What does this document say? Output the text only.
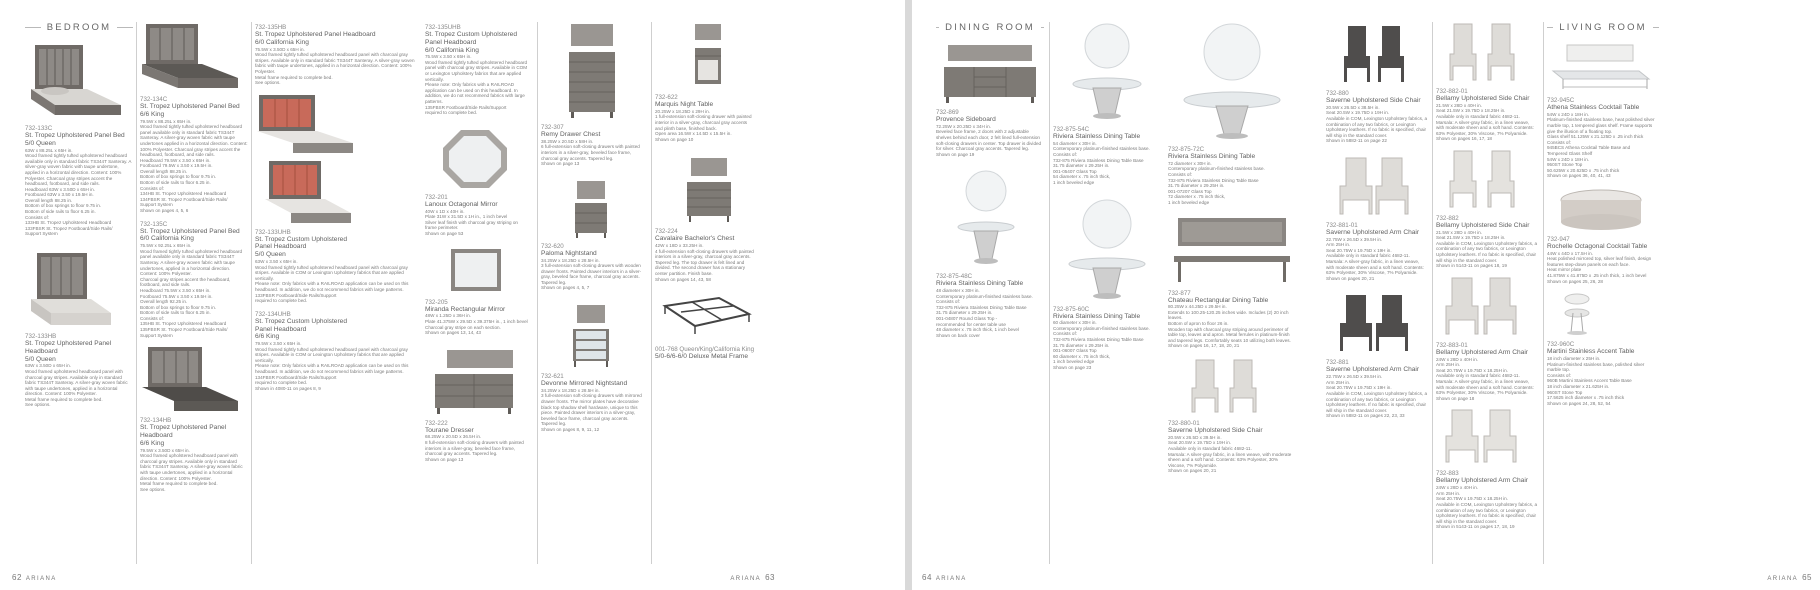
BEDROOM
732-133C
St. Tropez Upholstered Panel Bed
5/0 Queen
63W x 88.25L x 65H in.
Wood framed tightly tufted upholstered headboard available only in standard fabric TS344T Santeray. A silver-gray woven fabric with taupe undertone, applied in a horizontal direction. Content: 100% Polyester. Charcoal gray stripes accent the headboard, footboard, and side rails.
Headboard 63W x 3.50D x 65H in.
Footboard 63W x 3.50 x 19.5H in.
Overall length 88.25 in.
Bottom of box springs to floor 9.75 in.
Bottom of side rails to floor 6.25 in.
Consists of:
133HB St. Tropez Upholstered Headboard
133FBSR St. Tropez Footboard/Side Rails/
Support System
732-133HB
St. Tropez Upholstered Panel Headboard
5/0 Queen
63W x 3.50D x 65H in.
Wood framed upholstered headboard panel with charcoal gray stripes. Available only in standard fabric TS344T Santeray. A silver-gray woven fabric with taupe undertones, applied in a horizontal direction. Content: 100% Polyester.
Metal frame required to complete bed.
See options.
732-134C
St. Tropez Upholstered Panel Bed
6/6 King
79.5W x 88.25L x 65H in.
Wood framed tightly tufted upholstered headboard panel available only in standard fabric TS344T Santeray. A silver-gray woven fabric with taupe undertones applied in a horizontal direction. Content: 100% Polyester. Charcoal gray stripes accent the headboard, footboard, and side rails.
Headboard 79.5W x 3.50 x 65H in.
Footboard 79.5W x 3.50 x 19.5H in.
Overall length 88.25 in.
Bottom of box springs to floor 9.75 in.
Bottom of side rails to floor 6.25 in.
Consists of:
134HB St. Tropez Upholstered Headboard
134FBSR St. Tropez Footboard/Side Rails/
Support System
Shown on pages 4, 5, 6
732-135C
St. Tropez Upholstered Panel Bed
6/0 California King
75.5W x 92.25L x 65H in.
Wood framed tightly tufted upholstered headboard panel available only in standard fabric TS344T Santeray. A silver-gray woven fabric with taupe undertones, applied in a horizontal direction. Content: 100% Polyester.
Charcoal gray stripes accent the headboard, footboard, and side rails.
Headboard 75.5W x 3.50 x 65H in.
Footboard 75.5W x 3.50 x 19.5H in.
Overall length 92.25 in.
Bottom of box springs to floor 9.75 in.
Bottom of side rails to floor 6.25 in.
Consists of:
135HB St. Tropez Upholstered Headboard
135FBSR St. Tropez Footboard/Side Rails/
Support System
732-134HB
St. Tropez Upholstered Panel Headboard
6/6 King
79.5W x 3.50D x 65H in.
Wood framed upholstered headboard panel with charcoal gray stripes. Available only in standard fabric TS344T Santeray. A silver-gray woven fabric with taupe undertones, applied in a horizontal direction. Content: 100% Polyester.
Metal frame required to complete bed.
See options.
732-135HB
St. Tropez Upholstered Panel Headboard
6/0 California King
75.5W x 3.50D x 65H in.
Wood framed tightly tufted upholstered headboard panel with charcoal gray stripes. Available only in standard fabric TS344T Santeray. A silver-gray woven fabric with taupe undertones, applied in a horizontal direction. Content: 100% Polyester.
Metal frame required to complete bed.
See options.
732-133UHB
St. Tropez Custom Upholstered
Panel Headboard
5/0 Queen
63W x 3.50 x 65H in.
Wood framed tightly tufted upholstered headboard panel with charcoal gray stripes. Available in COM or Lexington Upholstery fabrics that are applied vertically.
Please note: Only fabrics with a RAILROAD application can be used on this headboard. In addition, we do not recommend fabrics with large patterns.
133FBSR Footboard/Side Rails/Support
required to complete bed.
732-134UHB
St. Tropez Custom Upholstered
Panel Headboard
6/6 King
79.5W x 3.50 x 65H in.
Wood framed tightly tufted upholstered headboard panel with charcoal gray stripes. Available in COM or Lexington Upholstery fabrics that are applied vertically.
Please note: Only fabrics with a RAILROAD application can be used on this headboard. In addition, we do not recommend fabrics with large patterns.
134FBSR Footboard/Side Rails/Support
required to complete bed.
Shown in 4080-11 on pages 8, 9
732-135UHB
St. Tropez Custom Upholstered
Panel Headboard
6/0 California King
75.5W x 3.50 x 65H in.
Wood framed tightly tufted upholstered headboard panel with charcoal gray stripes. Available in COM or Lexington Upholstery fabrics that are applied vertically.
Please note: Only fabrics with a RAILROAD application can be used on this headboard. In addition, we do not recommend fabrics with large patterns.
135FBSR Footboard/Side Rails/Support
required to complete bed.
732-201
Lanoux Octagonal Mirror
40W x 1D x 40H in.
Plate 31W x 31.5D x 1H in., 1 inch bevel
Silver leaf finish with charcoal gray striping on frame perimeter.
Shown on page 53
732-205
Miranda Rectangular Mirror
48W x 1.25D x 36H in.
Plate 41.375W x 29.5D x 39.375H in., 1 inch bevel
Charcoal gray stripe on each section.
Shown on pages 13, 14, 43
732-222
Tourane Dresser
68.25W x 20.5D x 36.5H in.
8 full-extension soft-closing drawers with painted interiors in a silver-gray, beveled face frame, charcoal gray accents. Tapered leg.
Shown on page 13
732-307
Remy Drawer Chest
38.25W x 20.5D x 58H in.
6 full-extension soft-closing drawers with painted interiors in a silver-gray, beveled face frame, charcoal gray accents. Tapered leg.
Shown on page 13
732-620
Paloma Nightstand
34.25W x 18.25D x 28.5H in.
3 full-extension soft-closing drawers with wooden drawer fronts. Painted drawer interiors in a silver-gray, beveled face frame, charcoal gray accents. Tapered leg.
Shown on pages 4, 5, 7
732-621
Devonne Mirrored Nightstand
34.25W x 18.25D x 28.5H in.
3 full-extension soft-closing drawers with mirrored drawer fronts. The mirror plates have decorative black top shadow shell hardware, unique to this piece. Painted drawer interiors in a silver-gray, beveled face frame, charcoal gray accents. Tapered leg.
Shown on pages 8, 9, 11, 12
732-622
Marquis Night Table
20.25W x 18.25D x 29H in.
1 full-extension soft-closing drawer with painted interior in a silver-gray, charcoal gray accents and plinth base, finished back.
Open area 16.5W x 14.5D x 15.5H in.
Shown on page 10
732-224
Cavalaire Bachelor's Chest
42W x 18D x 33.25H in.
4 full-extension soft-closing drawers with painted interiors in a silver-gray, charcoal gray accents. Tapered leg. The top drawer is felt lined and divided. The second drawer has a stationary center partition. Finish base.
Shown on pages 14, 43, 58
001-768 Queen/King/California King
5/0-6/6-6/0 Deluxe Metal Frame
62 ARIANA	ARIANA 63
DINING ROOM
732-869
Provence Sideboard
72.25W x 20.25D x 34H in.
Beveled face frame, 2 doors with 2 adjustable shelves behind each door, 2 felt lined full-extension soft-closing drawers in center. Top drawer is divided for silver. Charcoal gray accents. Tapered leg.
Shown on page 19
732-875-48C
Riviera Stainless Dining Table
48 diameter x 30H in.
Contemporary platinum-finished stainless base.
Consists of:
732-875 Riviera Stainless Dining Table Base
31.75 diameter x 29.25H in.
001-04807 Round Glass Top -
recommended for center table use
48 diameter x .75 inch thick, 1 inch bevel
Shown on back cover
732-875-54C
Riviera Stainless Dining Table
54 diameter x 30H in.
Contemporary platinum-finished stainless base.
Consists of:
732-875 Riviera Stainless Dining Table Base
31.75 diameter x 29.25H in.
001-05407 Glass Top
54 diameter x .75 inch thick,
1 inch beveled edge
732-875-60C
Riviera Stainless Dining Table
60 diameter x 30H in.
Contemporary platinum-finished stainless base.
Consists of:
732-875 Riviera Stainless Dining Table Base
31.75 diameter x 29.25H in.
001-06007 Glass Top
60 diameter x .75 inch thick,
1 inch beveled edge
Shown on page 23
732-875-72C
Riviera Stainless Dining Table
72 diameter x 30H in.
Contemporary platinum-finished stainless base.
Consists of:
732-875 Riviera Stainless Dining Table Base
31.75 diameter x 29.25H in.
001-07207 Glass Top
72 diameter x .75 inch thick,
1 inch beveled edge
732-877
Chateau Rectangular Dining Table
80.25W x 44.25D x 29.5H in.
Extends to 100.25-120.25 inches wide. Includes (2) 20 inch leaves.
Bottom of apron to floor 26 in.
Wooden top with charcoal gray striping around perimeter of table top, leaves and apron. Metal ferrules in platinum-finish and tapered legs. Comfortably seats 10 utilizing both leaves.
Shown on pages 16, 17, 18, 20, 21
732-880-01
Saverne Upholstered Side Chair
20.5W x 26.5D x 39.5H in.
Seat 20.5W x 19.75D x 19H in.
Available only in standard fabric 4682-11.
Marsala: A silver-gray fabric, in a linen weave, with moderate sheen and a soft hand. Contents: 63% Polyester, 30% Viscose, 7% Polyamide.
Shown on pages 20, 21
732-880
Saverne Upholstered Side Chair
20.5W x 26.5D x 38.5H in.
Seat 20.5W x 19.75D x 19H in.
Available in COM, Lexington Upholstery fabrics, a combination of any two fabrics, or Lexington Upholstery leathers. If no fabric is specified, chair will ship in the standard cover.
Shown in 5882-11 on page 22
732-881-01
Saverne Upholstered Arm Chair
22.75W x 26.5D x 39.5H in.
Arm 25H in.
Seat 20.75W x 19.75D x 19H in.
Available only in standard fabric 4682-11.
Marsala: A silver-gray fabric, in a linen weave, with moderate sheen and a soft hand. Contents: 63% Polyester, 30% Viscose, 7% Polyamide.
Shown on pages 20, 21
732-881
Saverne Upholstered Arm Chair
22.75W x 26.5D x 39.5H in.
Arm 25H in.
Seat 20.75W x 19.75D x 19H in.
Available in COM, Lexington Upholstery fabrics, a combination of any two fabrics, or Lexington Upholstery leathers. If no fabric is specified, chair will ship in the standard cover.
Shown in 5882-11 on pages 22, 23, 33
732-882-01
Bellamy Upholstered Side Chair
21.5W x 28D x 40H in.
Seat 21.5W x 19.75D x 18.25H in.
Available only in standard fabric 4682-11.
Marsala: A silver-gray fabric, in a linen weave, with moderate sheen and a soft hand. Contents: 63% Polyester, 30% Viscose, 7% Polyamide.
Shown on pages 16, 17, 18
732-882
Bellamy Upholstered Side Chair
21.5W x 28D x 40H in.
Seat 21.5W x 19.75D x 18.25H in.
Available in COM, Lexington Upholstery fabrics, a combination of any two fabrics, or Lexington Upholstery leathers. If no fabric is specified, chair will ship in the standard cover.
Shown in 5143-11 on pages 18, 19
732-883-01
Bellamy Upholstered Arm Chair
24W x 28D x 40H in.
Arm 25H in.
Seat 20.75W x 19.75D x 18.25H in.
Available only in standard fabric 4682-11.
Marsala: A silver-gray fabric, in a linen weave, with moderate sheen and a soft hand. Contents: 63% Polyester, 30% Viscose, 7% Polyamide.
Shown on page 18
732-883
Bellamy Upholstered Arm Chair
24W x 28D x 40H in.
Arm 25H in.
Seat 20.75W x 19.75D x 18.25H in.
Available in COM, Lexington Upholstery fabrics, a combination of any two fabrics, or Lexington Upholstery leathers. If no fabric is specified, chair will ship in the standard cover.
Shown in 5143-11 on pages 17, 18, 19
LIVING ROOM
732-945C
Athena Stainless Cocktail Table
54W x 24D x 18H in.
Platinum-finished stainless base, heat polished silver marble top, 1 tempered glass shelf. Frame supports give the illusion of a floating top.
Glass shelf 51.125W x 21.125D x .25 inch thick
Consists of:
945BCS Athena Cocktail Table Base and
Tempered Glass Shelf
54W x 24D x 18H in.
950ST Stone Top
50.625W x 20.625D x .75 inch thick
Shown on pages 36, 40, 41, 43
732-947
Rochelle Octagonal Cocktail Table
44W x 44D x 17.5H in.
Heat polished mirrored top, silver leaf finish, design features step-down panels on each face.
Heat mirror plate
41.875W x 41.875D x .25 inch thick, 1 inch bevel
Shown on pages 25, 26, 28
732-960C
Martini Stainless Accent Table
18 inch diameter x 25H in.
Platinum-finished stainless base, polished silver marble top.
Consists of:
960B Martini Stainless Accent Table Base
18 inch diameter x 21.625H in.
960ST Stone Top
17.5625 inch diameter x .75 inch thick
Shown on pages 24, 28, 52, 54
64 ARIANA	ARIANA 65
